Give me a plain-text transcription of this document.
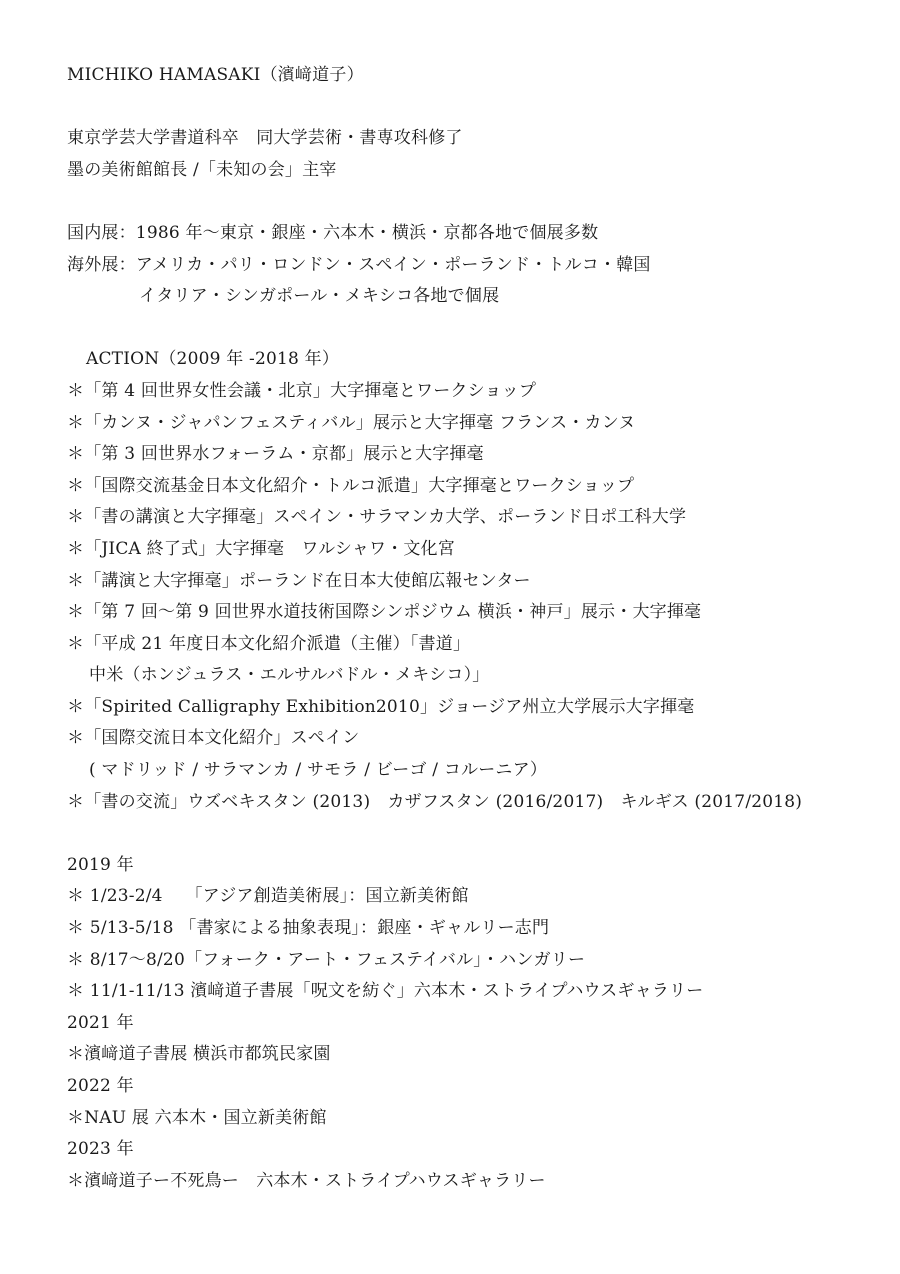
MICHIKO HAMASAKI（濱﨑道子）
東京学芸大学書道科卒　同大学芸術・書専攻科修了
墨の美術館館長 /「未知の会」主宰
国内展：1986 年〜東京・銀座・六本木・横浜・京都各地で個展多数
海外展：アメリカ・パリ・ロンドン・スペイン・ポーランド・トルコ・韓国
イタリア・シンガポール・メキシコ各地で個展
ACTION（2009 年 -2018 年）
＊「第 4 回世界女性会議・北京」大字揮毫とワークショップ
＊「カンヌ・ジャパンフェスティバル」展示と大字揮毫 フランス・カンヌ
＊「第 3 回世界水フォーラム・京都」展示と大字揮毫
＊「国際交流基金日本文化紹介・トルコ派遣」大字揮毫とワークショップ
＊「書の講演と大字揮毫」スペイン・サラマンカ大学、ポーランド日ポ工科大学
＊「JICA 終了式」大字揮毫　ワルシャワ・文化宮
＊「講演と大字揮毫」ポーランド在日本大使館広報センター
＊「第 7 回〜第 9 回世界水道技術国際シンポジウム 横浜・神戸」展示・大字揮毫
＊「平成 21 年度日本文化紹介派遣（主催）「書道」
中米（ホンジュラス・エルサルバドル・メキシコ）」
＊「Spirited Calligraphy Exhibition2010」ジョージア州立大学展示大字揮毫
＊「国際交流日本文化紹介」スペイン
( マドリッド / サラマンカ / サモラ / ビーゴ / コルーニア）
＊「書の交流」ウズベキスタン (2013)　カザフスタン (2016/2017)　キルギス (2017/2018)
2019 年
＊ 1/23-2/4　 「アジア創造美術展」：国立新美術館
＊ 5/13-5/18 「書家による抽象表現」：銀座・ギャルリー志門
＊ 8/17〜8/20「フォーク・アート・フェステイバル」・ハンガリー
＊ 11/1-11/13 濱﨑道子書展「呪文を紡ぐ」六本木・ストライプハウスギャラリー
2021 年
＊濱﨑道子書展 横浜市都筑民家園
2022 年
＊NAU 展 六本木・国立新美術館
2023 年
＊濱﨑道子ー不死鳥ー　六本木・ストライプハウスギャラリー
